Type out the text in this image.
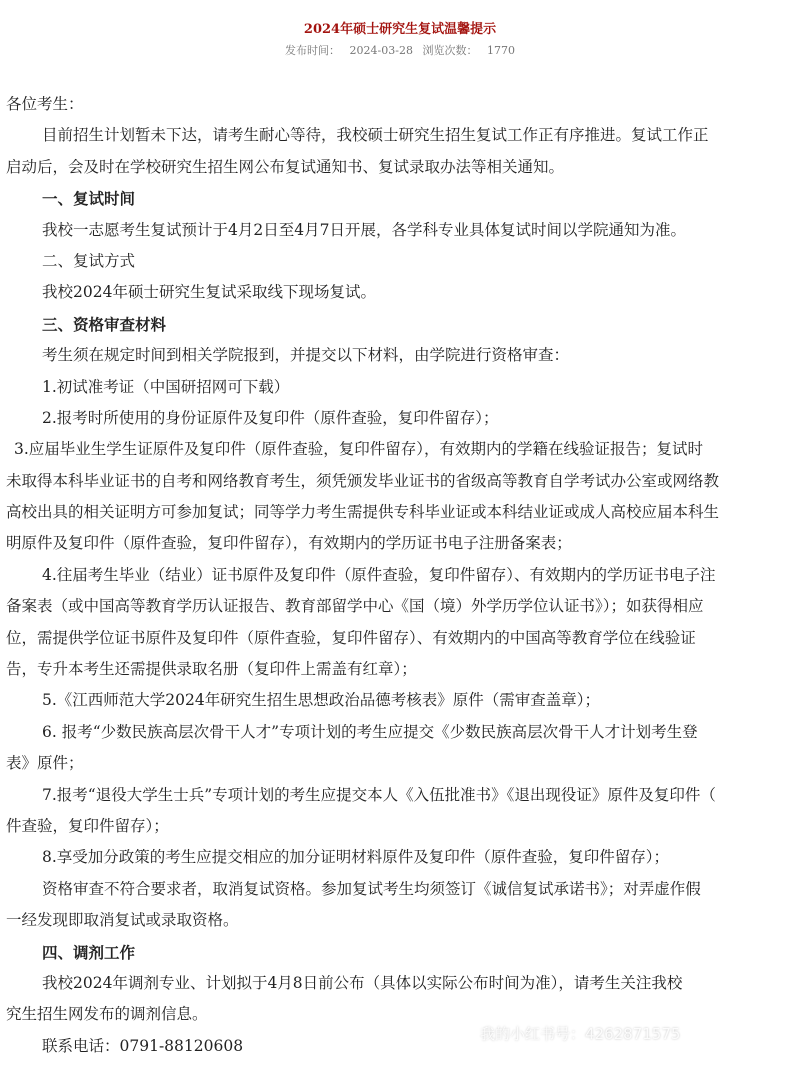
2024年硕士研究生复试温馨提示
发布时间： 2024-03-28 浏览次数： 1770
各位考生：
目前招生计划暂未下达，请考生耐心等待，我校硕士研究生招生复试工作正有序推进。复试工作正
启动后，会及时在学校研究生招生网公布复试通知书、复试录取办法等相关通知。
一、复试时间
我校一志愿考生复试预计于4月2日至4月7日开展，各学科专业具体复试时间以学院通知为准。
二、复试方式
我校2024年硕士研究生复试采取线下现场复试。
三、资格审查材料
考生须在规定时间到相关学院报到，并提交以下材料，由学院进行资格审查：
1.初试准考证（中国研招网可下载）
2.报考时所使用的身份证原件及复印件（原件查验，复印件留存）；
3.应届毕业生学生证原件及复印件（原件查验，复印件留存），有效期内的学籍在线验证报告；复试时
未取得本科毕业证书的自考和网络教育考生，须凭颁发毕业证书的省级高等教育自学考试办公室或网络教
高校出具的相关证明方可参加复试；同等学力考生需提供专科毕业证或本科结业证或成人高校应届本科生
明原件及复印件（原件查验，复印件留存），有效期内的学历证书电子注册备案表；
4.往届考生毕业（结业）证书原件及复印件（原件查验，复印件留存）、有效期内的学历证书电子注
备案表（或中国高等教育学历认证报告、教育部留学中心《国（境）外学历学位认证书》）；如获得相应
位，需提供学位证书原件及复印件（原件查验，复印件留存）、有效期内的中国高等教育学位在线验证
告，专升本考生还需提供录取名册（复印件上需盖有红章）；
5.《江西师范大学2024年研究生招生思想政治品德考核表》原件（需审查盖章）；
6. 报考“少数民族高层次骨干人才”专项计划的考生应提交《少数民族高层次骨干人才计划考生登
表》原件；
7.报考“退役大学生士兵”专项计划的考生应提交本人《入伍批准书》《退出现役证》原件及复印件（
件查验，复印件留存）；
8.享受加分政策的考生应提交相应的加分证明材料原件及复印件（原件查验，复印件留存）；
资格审查不符合要求者，取消复试资格。参加复试考生均须签订《诚信复试承诺书》；对弄虚作假
一经发现即取消复试或录取资格。
四、调剂工作
我校2024年调剂专业、计划拟于4月8日前公布（具体以实际公布时间为准），请考生关注我校
究生招生网发布的调剂信息。
联系电话：0791-88120608
我的小红书号：4262871575
